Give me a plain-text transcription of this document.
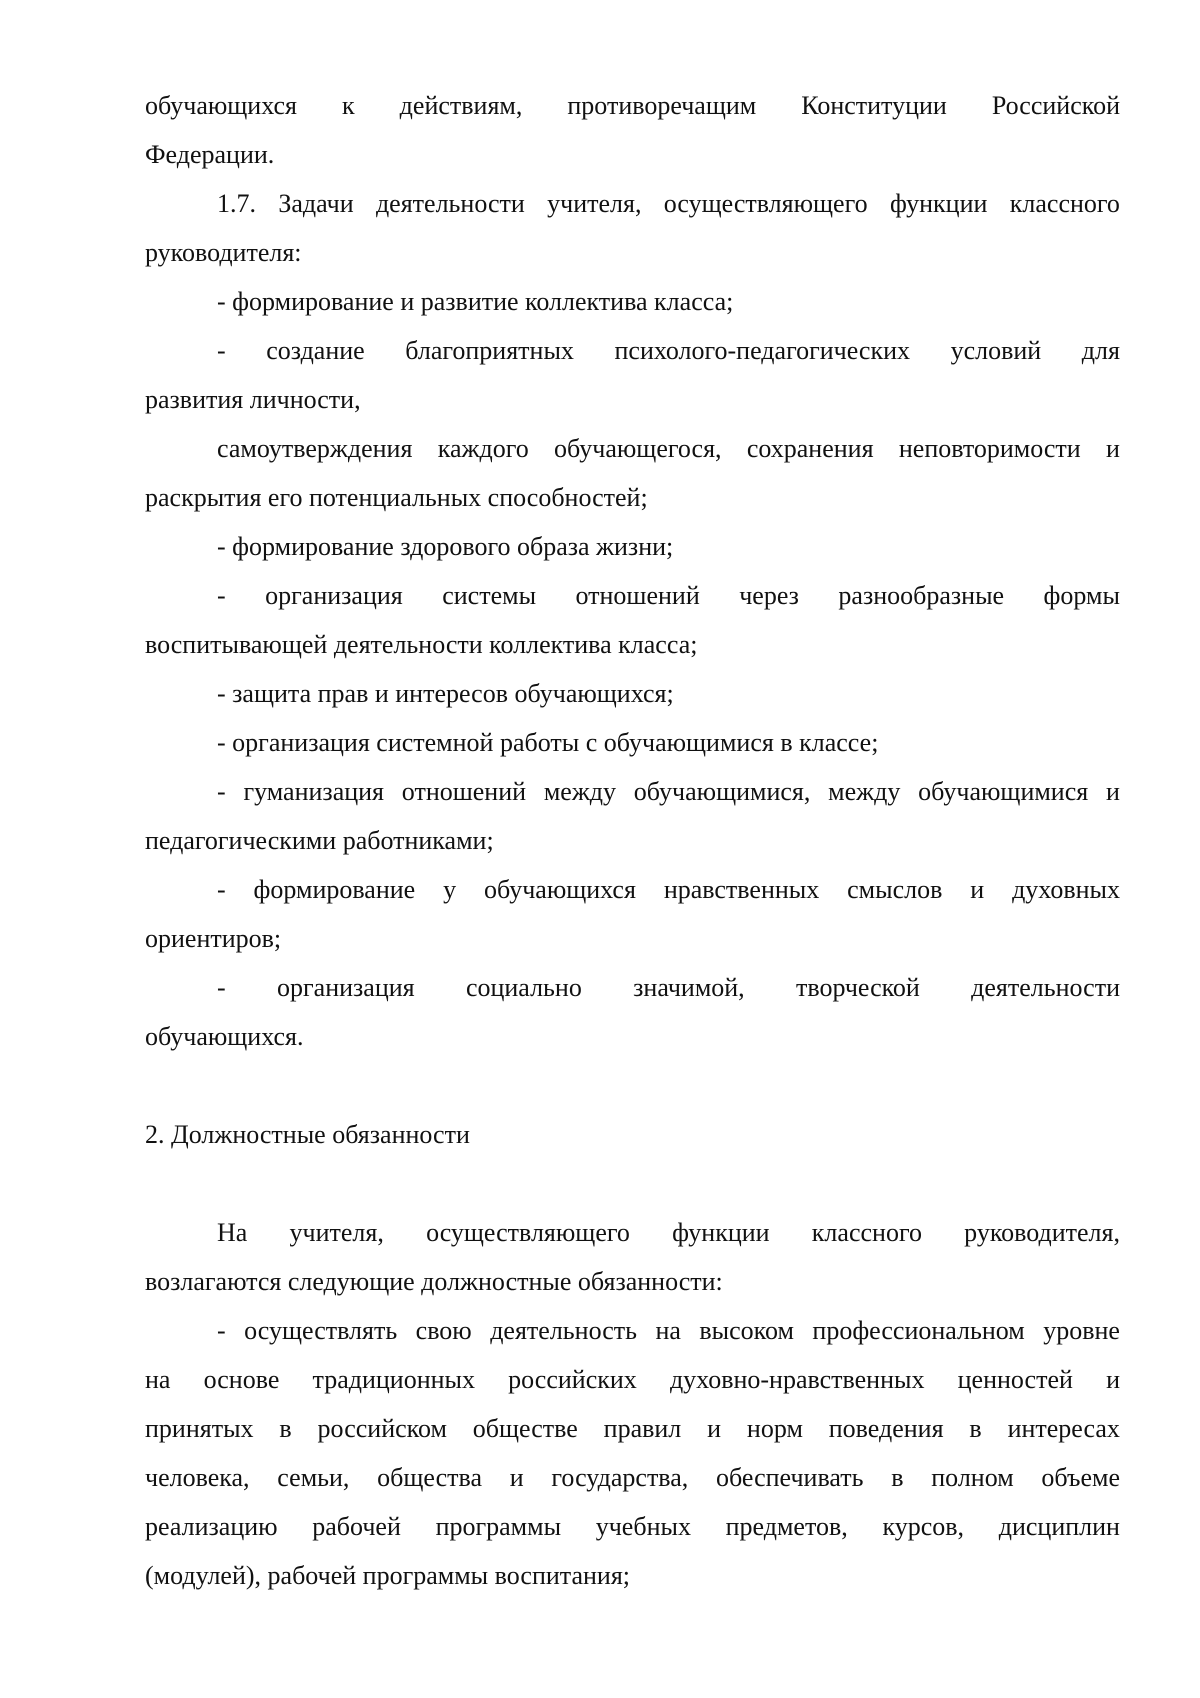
обучающихся к действиям, противоречащим Конституции Российской
Федерации.
1.7. Задачи деятельности учителя, осуществляющего функции классного
руководителя:
- формирование и развитие коллектива класса;
- создание благоприятных психолого-педагогических условий для
развития личности,
самоутверждения каждого обучающегося, сохранения неповторимости и
раскрытия его потенциальных способностей;
- формирование здорового образа жизни;
- организация системы отношений через разнообразные формы
воспитывающей деятельности коллектива класса;
- защита прав и интересов обучающихся;
- организация системной работы с обучающимися в классе;
- гуманизация отношений между обучающимися, между обучающимися и
педагогическими работниками;
- формирование у обучающихся нравственных смыслов и духовных
ориентиров;
- организация социально значимой, творческой деятельности
обучающихся.
2. Должностные обязанности
На учителя, осуществляющего функции классного руководителя,
возлагаются следующие должностные обязанности:
- осуществлять свою деятельность на высоком профессиональном уровне
на основе традиционных российских духовно-нравственных ценностей и
принятых в российском обществе правил и норм поведения в интересах
человека, семьи, общества и государства, обеспечивать в полном объеме
реализацию рабочей программы учебных предметов, курсов, дисциплин
(модулей), рабочей программы воспитания;
